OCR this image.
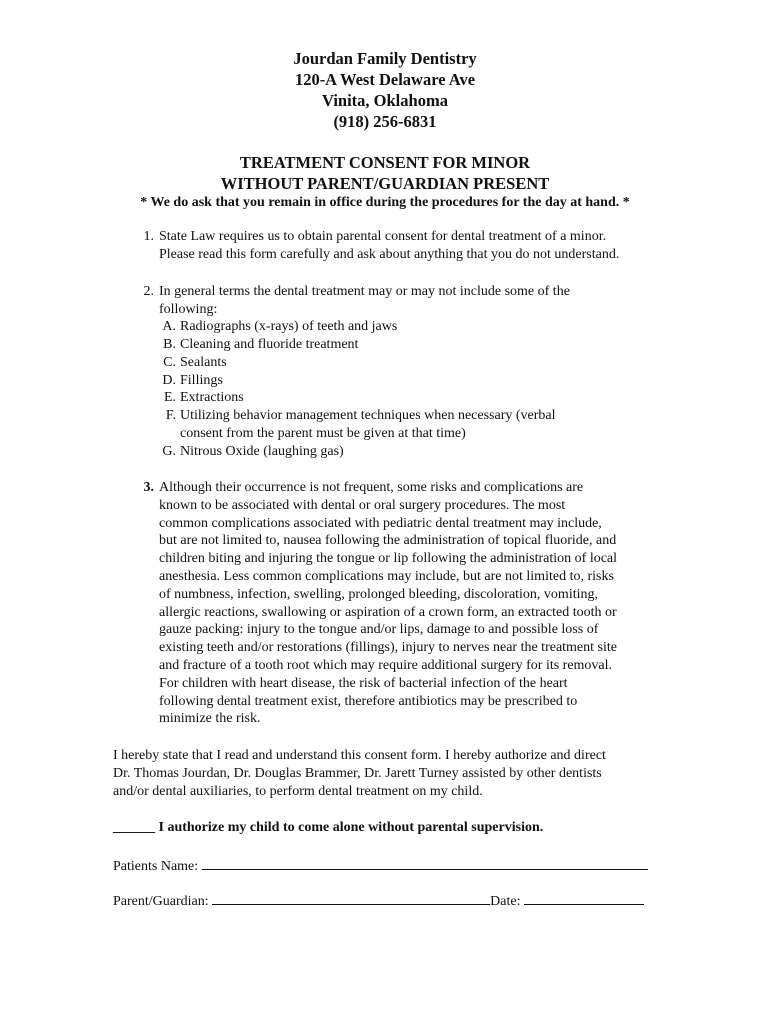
Jourdan Family Dentistry
120-A West Delaware Ave
Vinita, Oklahoma
(918) 256-6831
TREATMENT CONSENT FOR MINOR
WITHOUT PARENT/GUARDIAN PRESENT
* We do ask that you remain in office during the procedures for the day at hand. *
1. State Law requires us to obtain parental consent for dental treatment of a minor.
Please read this form carefully and ask about anything that you do not understand.
2. In general terms the dental treatment may or may not include some of the
following:
A. Radiographs (x-rays) of teeth and jaws
B. Cleaning and fluoride treatment
C. Sealants
D. Fillings
E. Extractions
F. Utilizing behavior management techniques when necessary (verbal
consent from the parent must be given at that time)
G. Nitrous Oxide (laughing gas)
3. Although their occurrence is not frequent, some risks and complications are
known to be associated with dental or oral surgery procedures. The most
common complications associated with pediatric dental treatment may include,
but are not limited to, nausea following the administration of topical fluoride, and
children biting and injuring the tongue or lip following the administration of local
anesthesia. Less common complications may include, but are not limited to, risks
of numbness, infection, swelling, prolonged bleeding, discoloration, vomiting,
allergic reactions, swallowing or aspiration of a crown form, an extracted tooth or
gauze packing: injury to the tongue and/or lips, damage to and possible loss of
existing teeth and/or restorations (fillings), injury to nerves near the treatment site
and fracture of a tooth root which may require additional surgery for its removal.
For children with heart disease, the risk of bacterial infection of the heart
following dental treatment exist, therefore antibiotics may be prescribed to
minimize the risk.
I hereby state that I read and understand this consent form. I hereby authorize and direct
Dr. Thomas Jourdan, Dr. Douglas Brammer, Dr. Jarett Turney assisted by other dentists
and/or dental auxiliaries, to perform dental treatment on my child.
______ I authorize my child to come alone without parental supervision.
Patients Name:
Parent/Guardian:	Date:
